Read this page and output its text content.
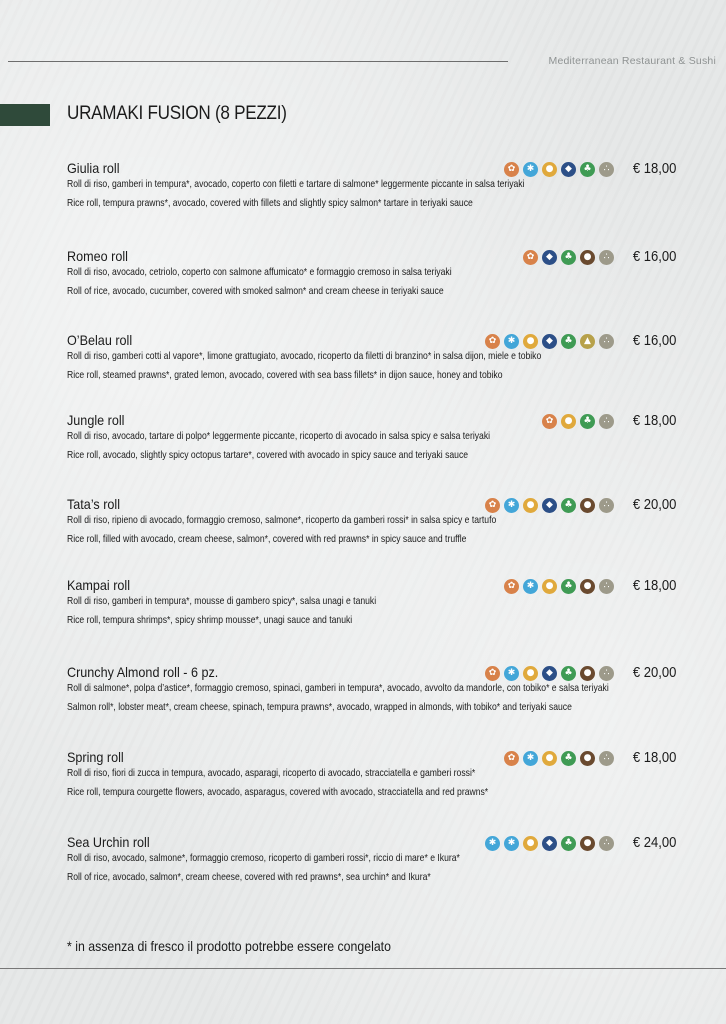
Mediterranean Restaurant & Sushi
URAMAKI FUSION (8 PEZZI)
Giulia roll	✿	✱	●	◆	♣	∴	€ 18,00
Roll di riso, gamberi in tempura*, avocado, coperto con filetti e tartare di salmone* leggermente piccante in salsa teriyaki
Rice roll, tempura prawns*, avocado, covered with fillets and slightly spicy salmon* tartare in teriyaki sauce
Romeo roll	✿	◆	♣	●	∴	€ 16,00
Roll di riso, avocado, cetriolo, coperto con salmone affumicato* e formaggio cremoso in salsa teriyaki
Roll of rice, avocado, cucumber, covered with smoked salmon* and cream cheese in teriyaki sauce
O’Belau roll	✿	✱	●	◆	♣	▲	∴	€ 16,00
Roll di riso, gamberi cotti al vapore*, limone grattugiato, avocado, ricoperto da filetti di branzino* in salsa dijon, miele e tobiko
Rice roll, steamed prawns*, grated lemon, avocado, covered with sea bass fillets* in dijon sauce, honey and tobiko
Jungle roll	✿	●	♣	∴	€ 18,00
Roll di riso, avocado, tartare di polpo* leggermente piccante, ricoperto di avocado in salsa spicy e salsa teriyaki
Rice roll, avocado, slightly spicy octopus tartare*, covered with avocado in spicy sauce and teriyaki sauce
Tata’s roll	✿	✱	●	◆	♣	●	∴	€ 20,00
Roll di riso, ripieno di avocado, formaggio cremoso, salmone*, ricoperto da gamberi rossi* in salsa spicy e tartufo
Rice roll, filled with avocado, cream cheese, salmon*, covered with red prawns* in spicy sauce and truffle
Kampai roll	✿	✱	●	♣	●	∴	€ 18,00
Roll di riso, gamberi in tempura*, mousse di gambero spicy*, salsa unagi e tanuki
Rice roll, tempura shrimps*, spicy shrimp mousse*, unagi sauce and tanuki
Crunchy Almond roll - 6 pz.	✿	✱	●	◆	♣	●	∴	€ 20,00
Roll di salmone*, polpa d’astice*, formaggio cremoso, spinaci, gamberi in tempura*, avocado, avvolto da mandorle, con tobiko* e salsa teriyaki
Salmon roll*, lobster meat*, cream cheese, spinach, tempura prawns*, avocado, wrapped in almonds, with tobiko* and teriyaki sauce
Spring roll	✿	✱	●	♣	●	∴	€ 18,00
Roll di riso, fiori di zucca in tempura, avocado, asparagi, ricoperto di avocado, stracciatella e gamberi rossi*
Rice roll, tempura courgette flowers, avocado, asparagus, covered with avocado, stracciatella and red prawns*
Sea Urchin roll	✱	✱	●	◆	♣	●	∴	€ 24,00
Roll di riso, avocado, salmone*, formaggio cremoso, ricoperto di gamberi rossi*, riccio di mare* e Ikura*
Roll of rice, avocado, salmon*, cream cheese, covered with red prawns*, sea urchin* and Ikura*
* in assenza di fresco il prodotto potrebbe essere congelato
